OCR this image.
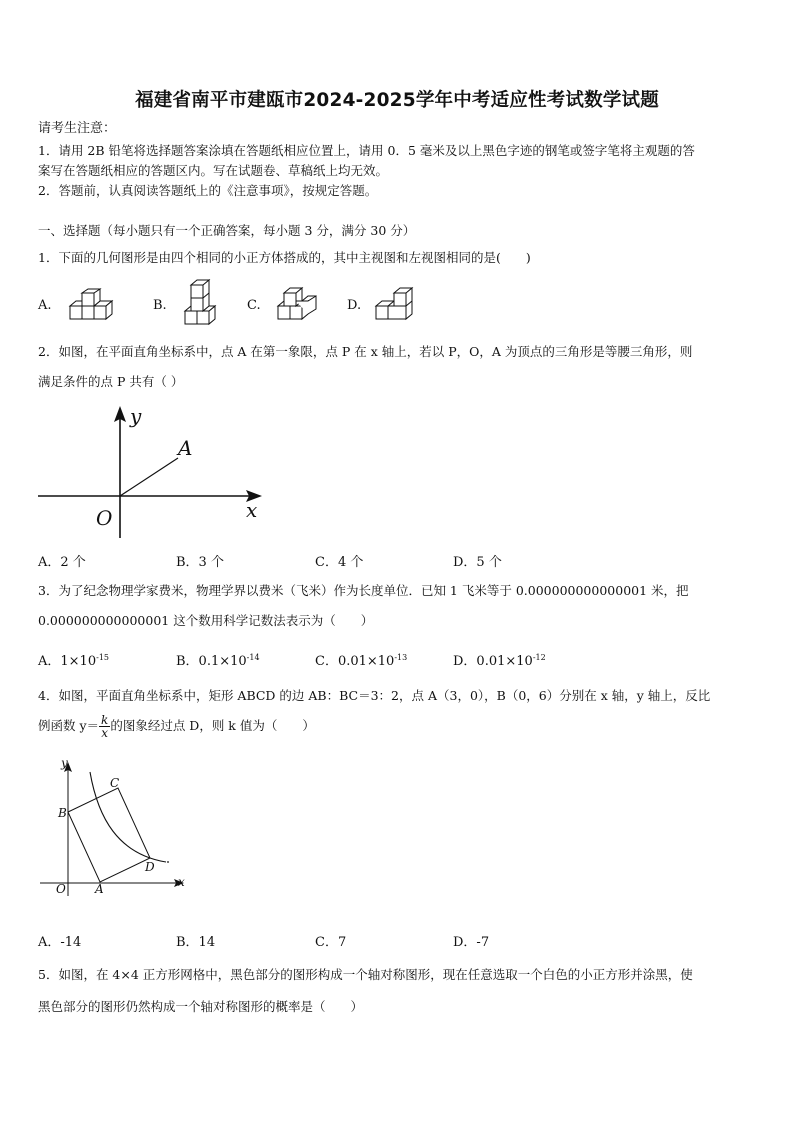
福建省南平市建瓯市2024-2025学年中考适应性考试数学试题
请考生注意：
1．请用 2B 铅笔将选择题答案涂填在答题纸相应位置上，请用 0．5 毫米及以上黑色字迹的钢笔或签字笔将主观题的答
案写在答题纸相应的答题区内。写在试题卷、草稿纸上均无效。
2．答题前，认真阅读答题纸上的《注意事项》，按规定答题。
一、选择题（每小题只有一个正确答案，每小题 3 分，满分 30 分）
1．下面的几何图形是由四个相同的小正方体搭成的，其中主视图和左视图相同的是(　　)
A.	B.	C.	D.
2．如图，在平面直角坐标系中，点 A 在第一象限，点 P 在 x 轴上，若以 P，O，A 为顶点的三角形是等腰三角形，则
满足条件的点 P 共有（ ）
y
A
x
O
A．2 个	B．3 个	C．4 个	D．5 个
3．为了纪念物理学家费米，物理学界以费米（飞米）作为长度单位．已知 1 飞米等于 0.000000000000001 米，把
0.000000000000001 这个数用科学记数法表示为（　　）
A．$1\times 10^{-15}$	B．$0.1\times 10^{-14}$	C．$0.01\times 10^{-13}$	D．$0.01\times 10^{-12}$
4．如图，平面直角坐标系中，矩形 ABCD 的边 AB：BC＝3：2，点 A（3，0），B（0，6）分别在 x 轴，y 轴上，反比
例函数 $y= \frac{k}{x}$ 的图象经过点 D，则 k 值为（　　）
y
C
B
D
x
O A
A．-14	B．14	C．7	D．-7
5．如图，在 4×4 正方形网格中，黑色部分的图形构成一个轴对称图形，现在任意选取一个白色的小正方形并涂黑，使
黑色部分的图形仍然构成一个轴对称图形的概率是（　　）
